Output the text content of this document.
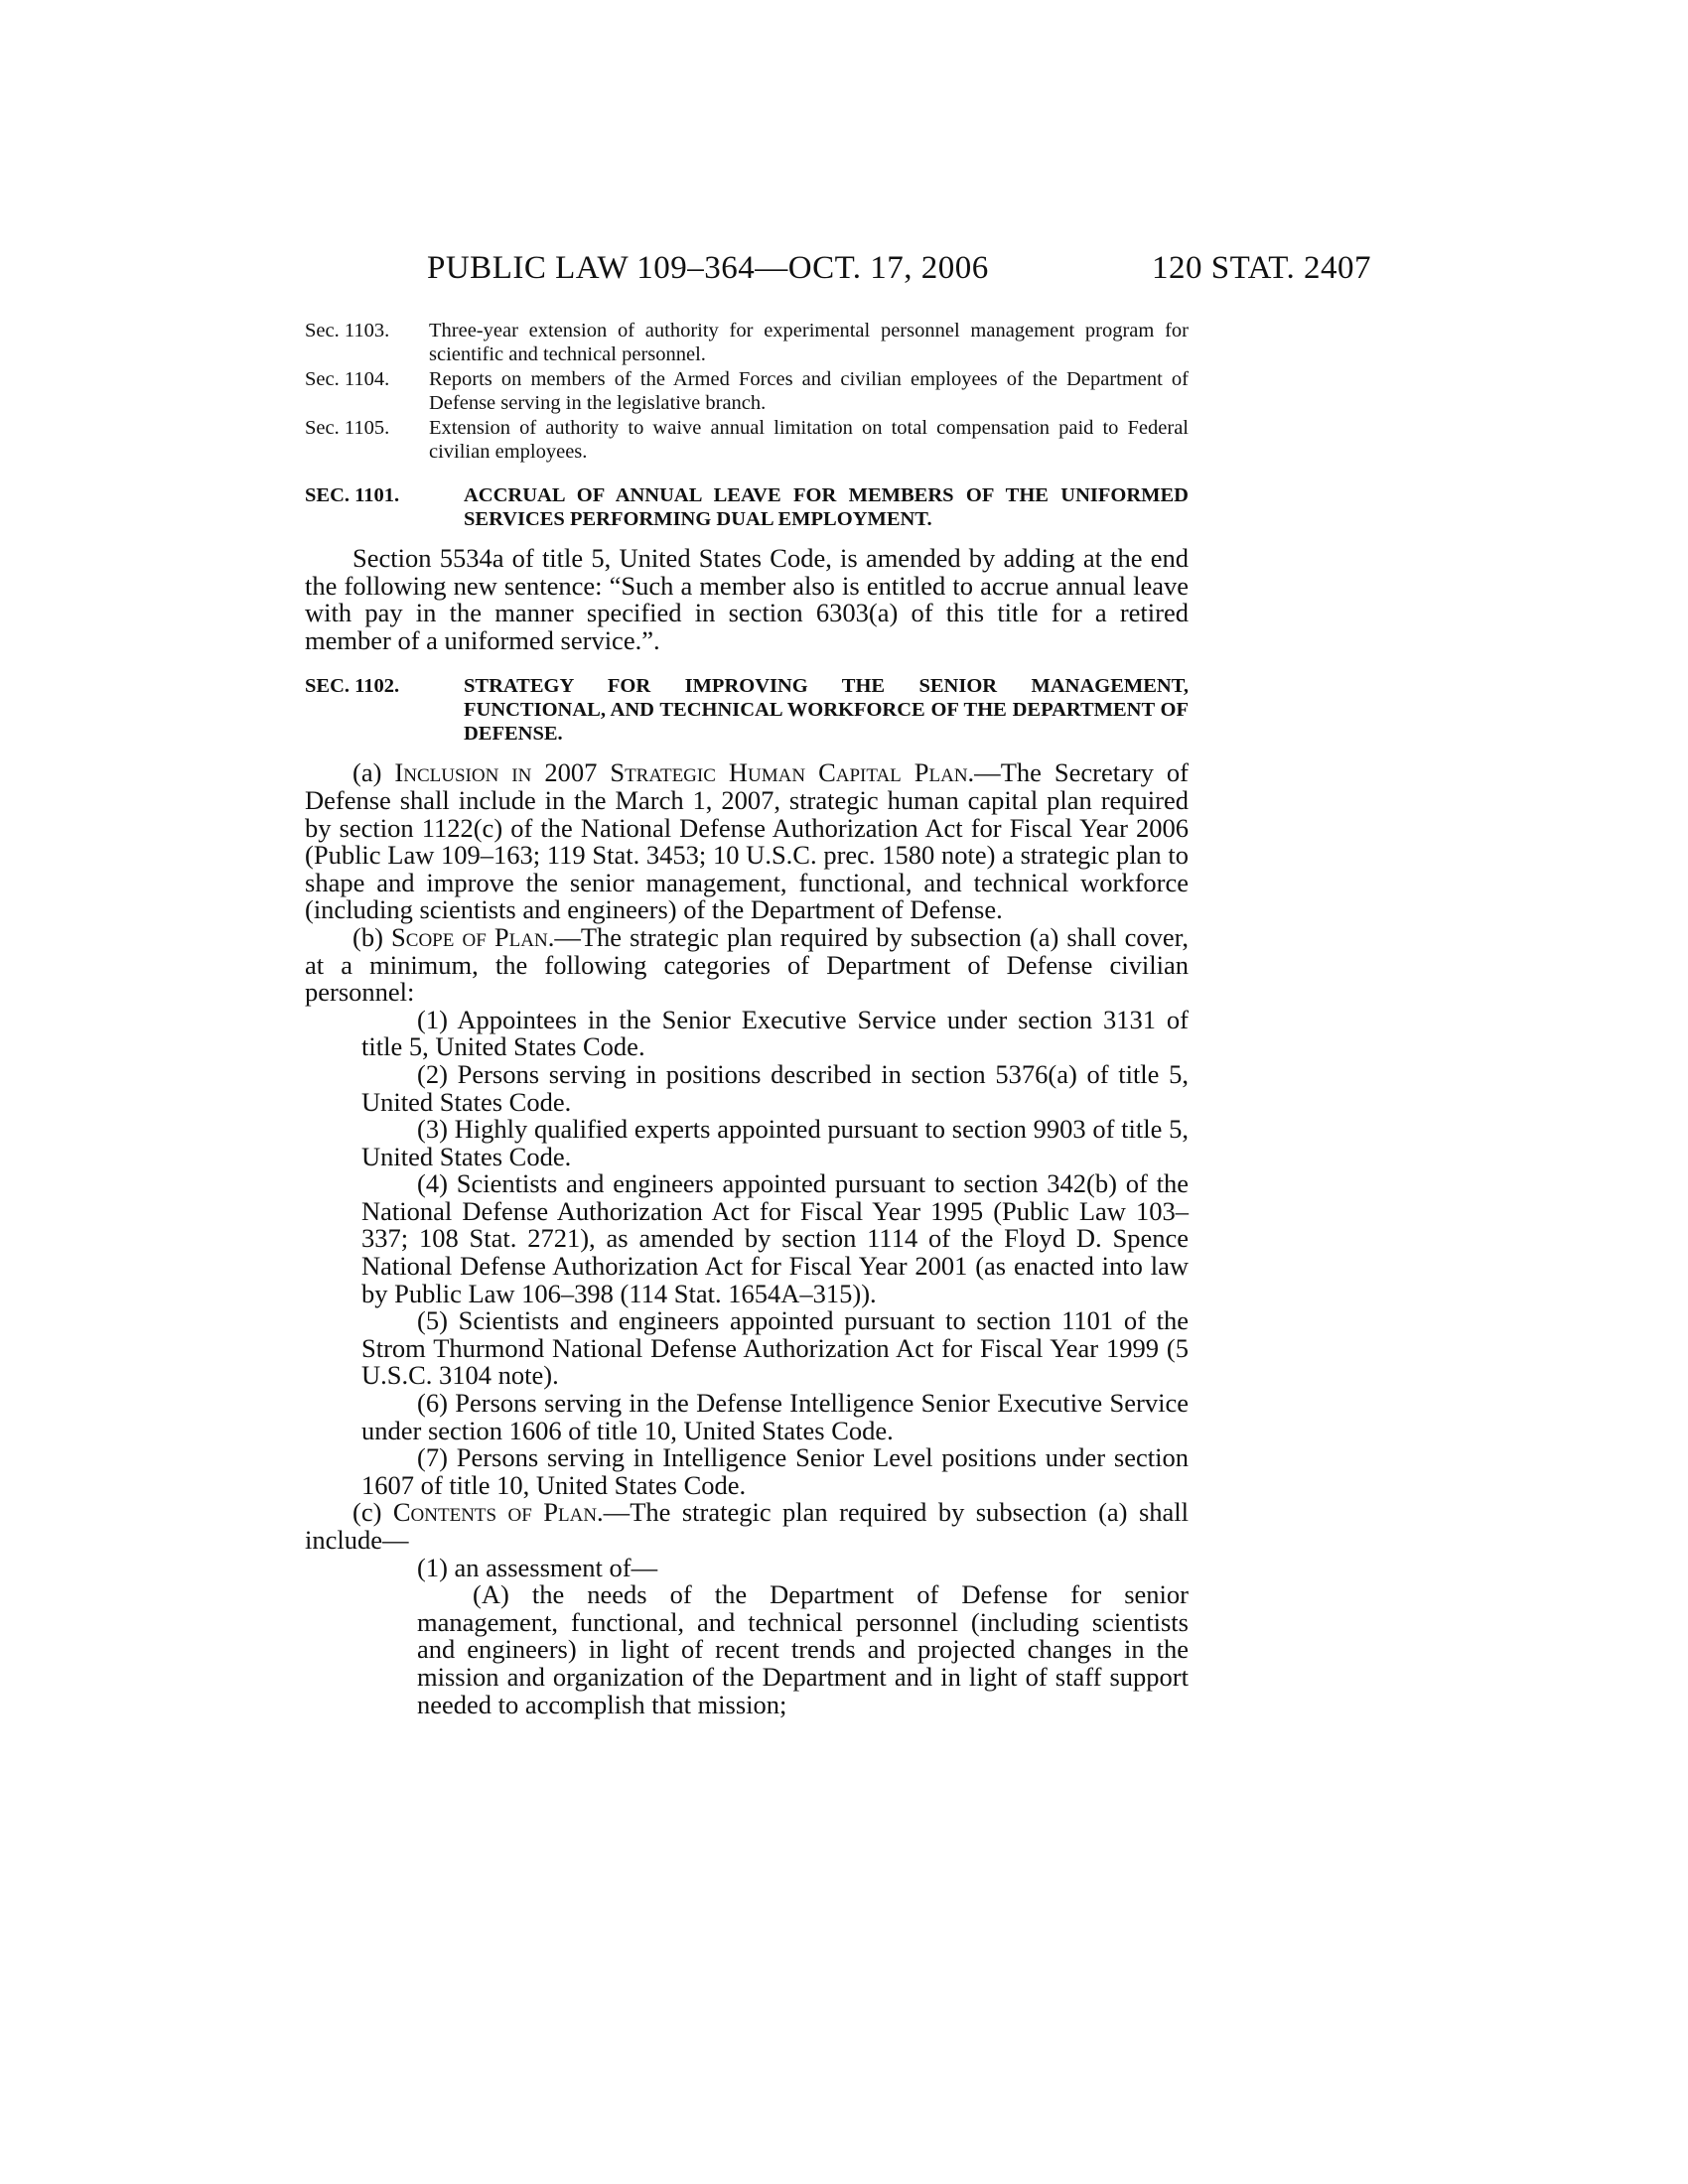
PUBLIC LAW 109–364—OCT. 17, 2006	120 STAT. 2407
Sec. 1103.	Three-year extension of authority for experimental personnel management program for scientific and technical personnel.
Sec. 1104.	Reports on members of the Armed Forces and civilian employees of the Department of Defense serving in the legislative branch.
Sec. 1105.	Extension of authority to waive annual limitation on total compensation paid to Federal civilian employees.
SEC. 1101.	ACCRUAL OF ANNUAL LEAVE FOR MEMBERS OF THE UNIFORMED SERVICES PERFORMING DUAL EMPLOYMENT.

Section 5534a of title 5, United States Code, is amended by adding at the end the following new sentence: “Such a member also is entitled to accrue annual leave with pay in the manner specified in section 6303(a) of this title for a retired member of a uniformed service.”.

SEC. 1102.	STRATEGY FOR IMPROVING THE SENIOR MANAGEMENT, FUNCTIONAL, AND TECHNICAL WORKFORCE OF THE DEPARTMENT OF DEFENSE.

(a) Inclusion in 2007 Strategic Human Capital Plan.—The Secretary of Defense shall include in the March 1, 2007, strategic human capital plan required by section 1122(c) of the National Defense Authorization Act for Fiscal Year 2006 (Public Law 109–163; 119 Stat. 3453; 10 U.S.C. prec. 1580 note) a strategic plan to shape and improve the senior management, functional, and technical workforce (including scientists and engineers) of the Department of Defense.

(b) Scope of Plan.—The strategic plan required by subsection (a) shall cover, at a minimum, the following categories of Department of Defense civilian personnel:

(1) Appointees in the Senior Executive Service under section 3131 of title 5, United States Code.

(2) Persons serving in positions described in section 5376(a) of title 5, United States Code.

(3) Highly qualified experts appointed pursuant to section 9903 of title 5, United States Code.

(4) Scientists and engineers appointed pursuant to section 342(b) of the National Defense Authorization Act for Fiscal Year 1995 (Public Law 103–337; 108 Stat. 2721), as amended by section 1114 of the Floyd D. Spence National Defense Authorization Act for Fiscal Year 2001 (as enacted into law by Public Law 106–398 (114 Stat. 1654A–315)).

(5) Scientists and engineers appointed pursuant to section 1101 of the Strom Thurmond National Defense Authorization Act for Fiscal Year 1999 (5 U.S.C. 3104 note).

(6) Persons serving in the Defense Intelligence Senior Executive Service under section 1606 of title 10, United States Code.

(7) Persons serving in Intelligence Senior Level positions under section 1607 of title 10, United States Code.

(c) Contents of Plan.—The strategic plan required by subsection (a) shall include—

(1) an assessment of—

(A) the needs of the Department of Defense for senior management, functional, and technical personnel (including scientists and engineers) in light of recent trends and projected changes in the mission and organization of the Department and in light of staff support needed to accomplish that mission;
